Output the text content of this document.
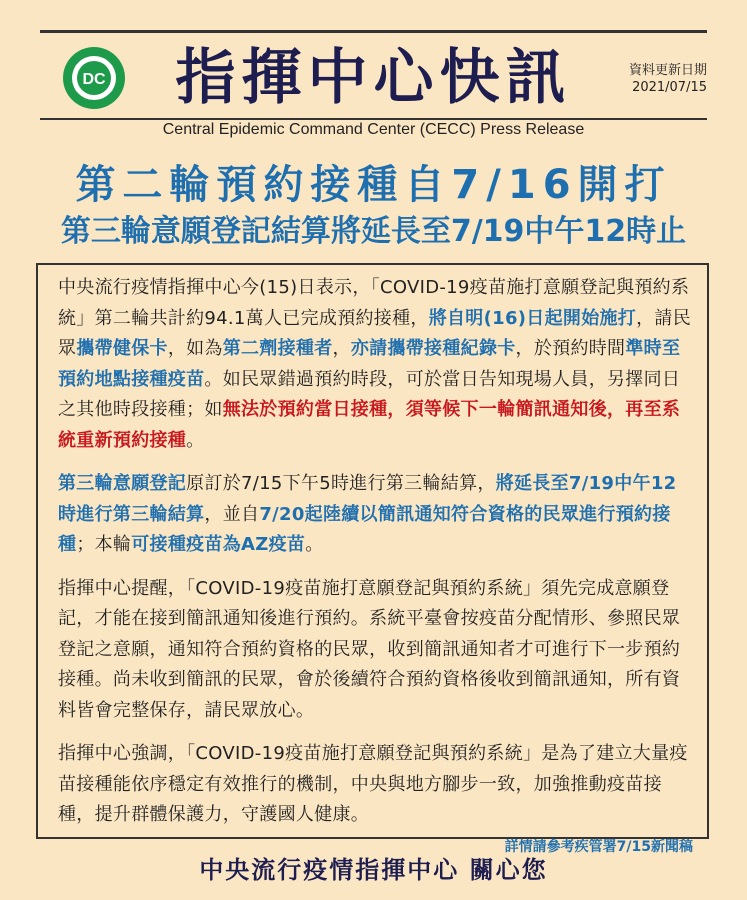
DC	指揮中心快訊	資料更新日期
2021/07/15
Central Epidemic Command Center (CECC) Press Release
第二輪預約接種自7/16開打
第三輪意願登記結算將延長至7/19中午12時止

中央流行疫情指揮中心今(15)日表示，「COVID-19疫苗施打意願登記與預約系統」第二輪共計約94.1萬人已完成預約接種，將自明(16)日起開始施打，請民眾攜帶健保卡，如為第二劑接種者，亦請攜帶接種紀錄卡，於預約時間準時至預約地點接種疫苗。如民眾錯過預約時段，可於當日告知現場人員，另擇同日之其他時段接種；如無法於預約當日接種，須等候下一輪簡訊通知後，再至系統重新預約接種。

第三輪意願登記原訂於7/15下午5時進行第三輪結算，將延長至7/19中午12時進行第三輪結算，並自7/20起陸續以簡訊通知符合資格的民眾進行預約接種；本輪可接種疫苗為AZ疫苗。

指揮中心提醒，「COVID-19疫苗施打意願登記與預約系統」須先完成意願登記，才能在接到簡訊通知後進行預約。系統平臺會按疫苗分配情形、參照民眾登記之意願，通知符合預約資格的民眾，收到簡訊通知者才可進行下一步預約接種。尚未收到簡訊的民眾，會於後續符合預約資格後收到簡訊通知，所有資料皆會完整保存，請民眾放心。

指揮中心強調，「COVID-19疫苗施打意願登記與預約系統」是為了建立大量疫苗接種能依序穩定有效推行的機制，中央與地方腳步一致，加強推動疫苗接種，提升群體保護力，守護國人健康。

詳情請參考疾管署7/15新聞稿
中央流行疫情指揮中心 關心您
